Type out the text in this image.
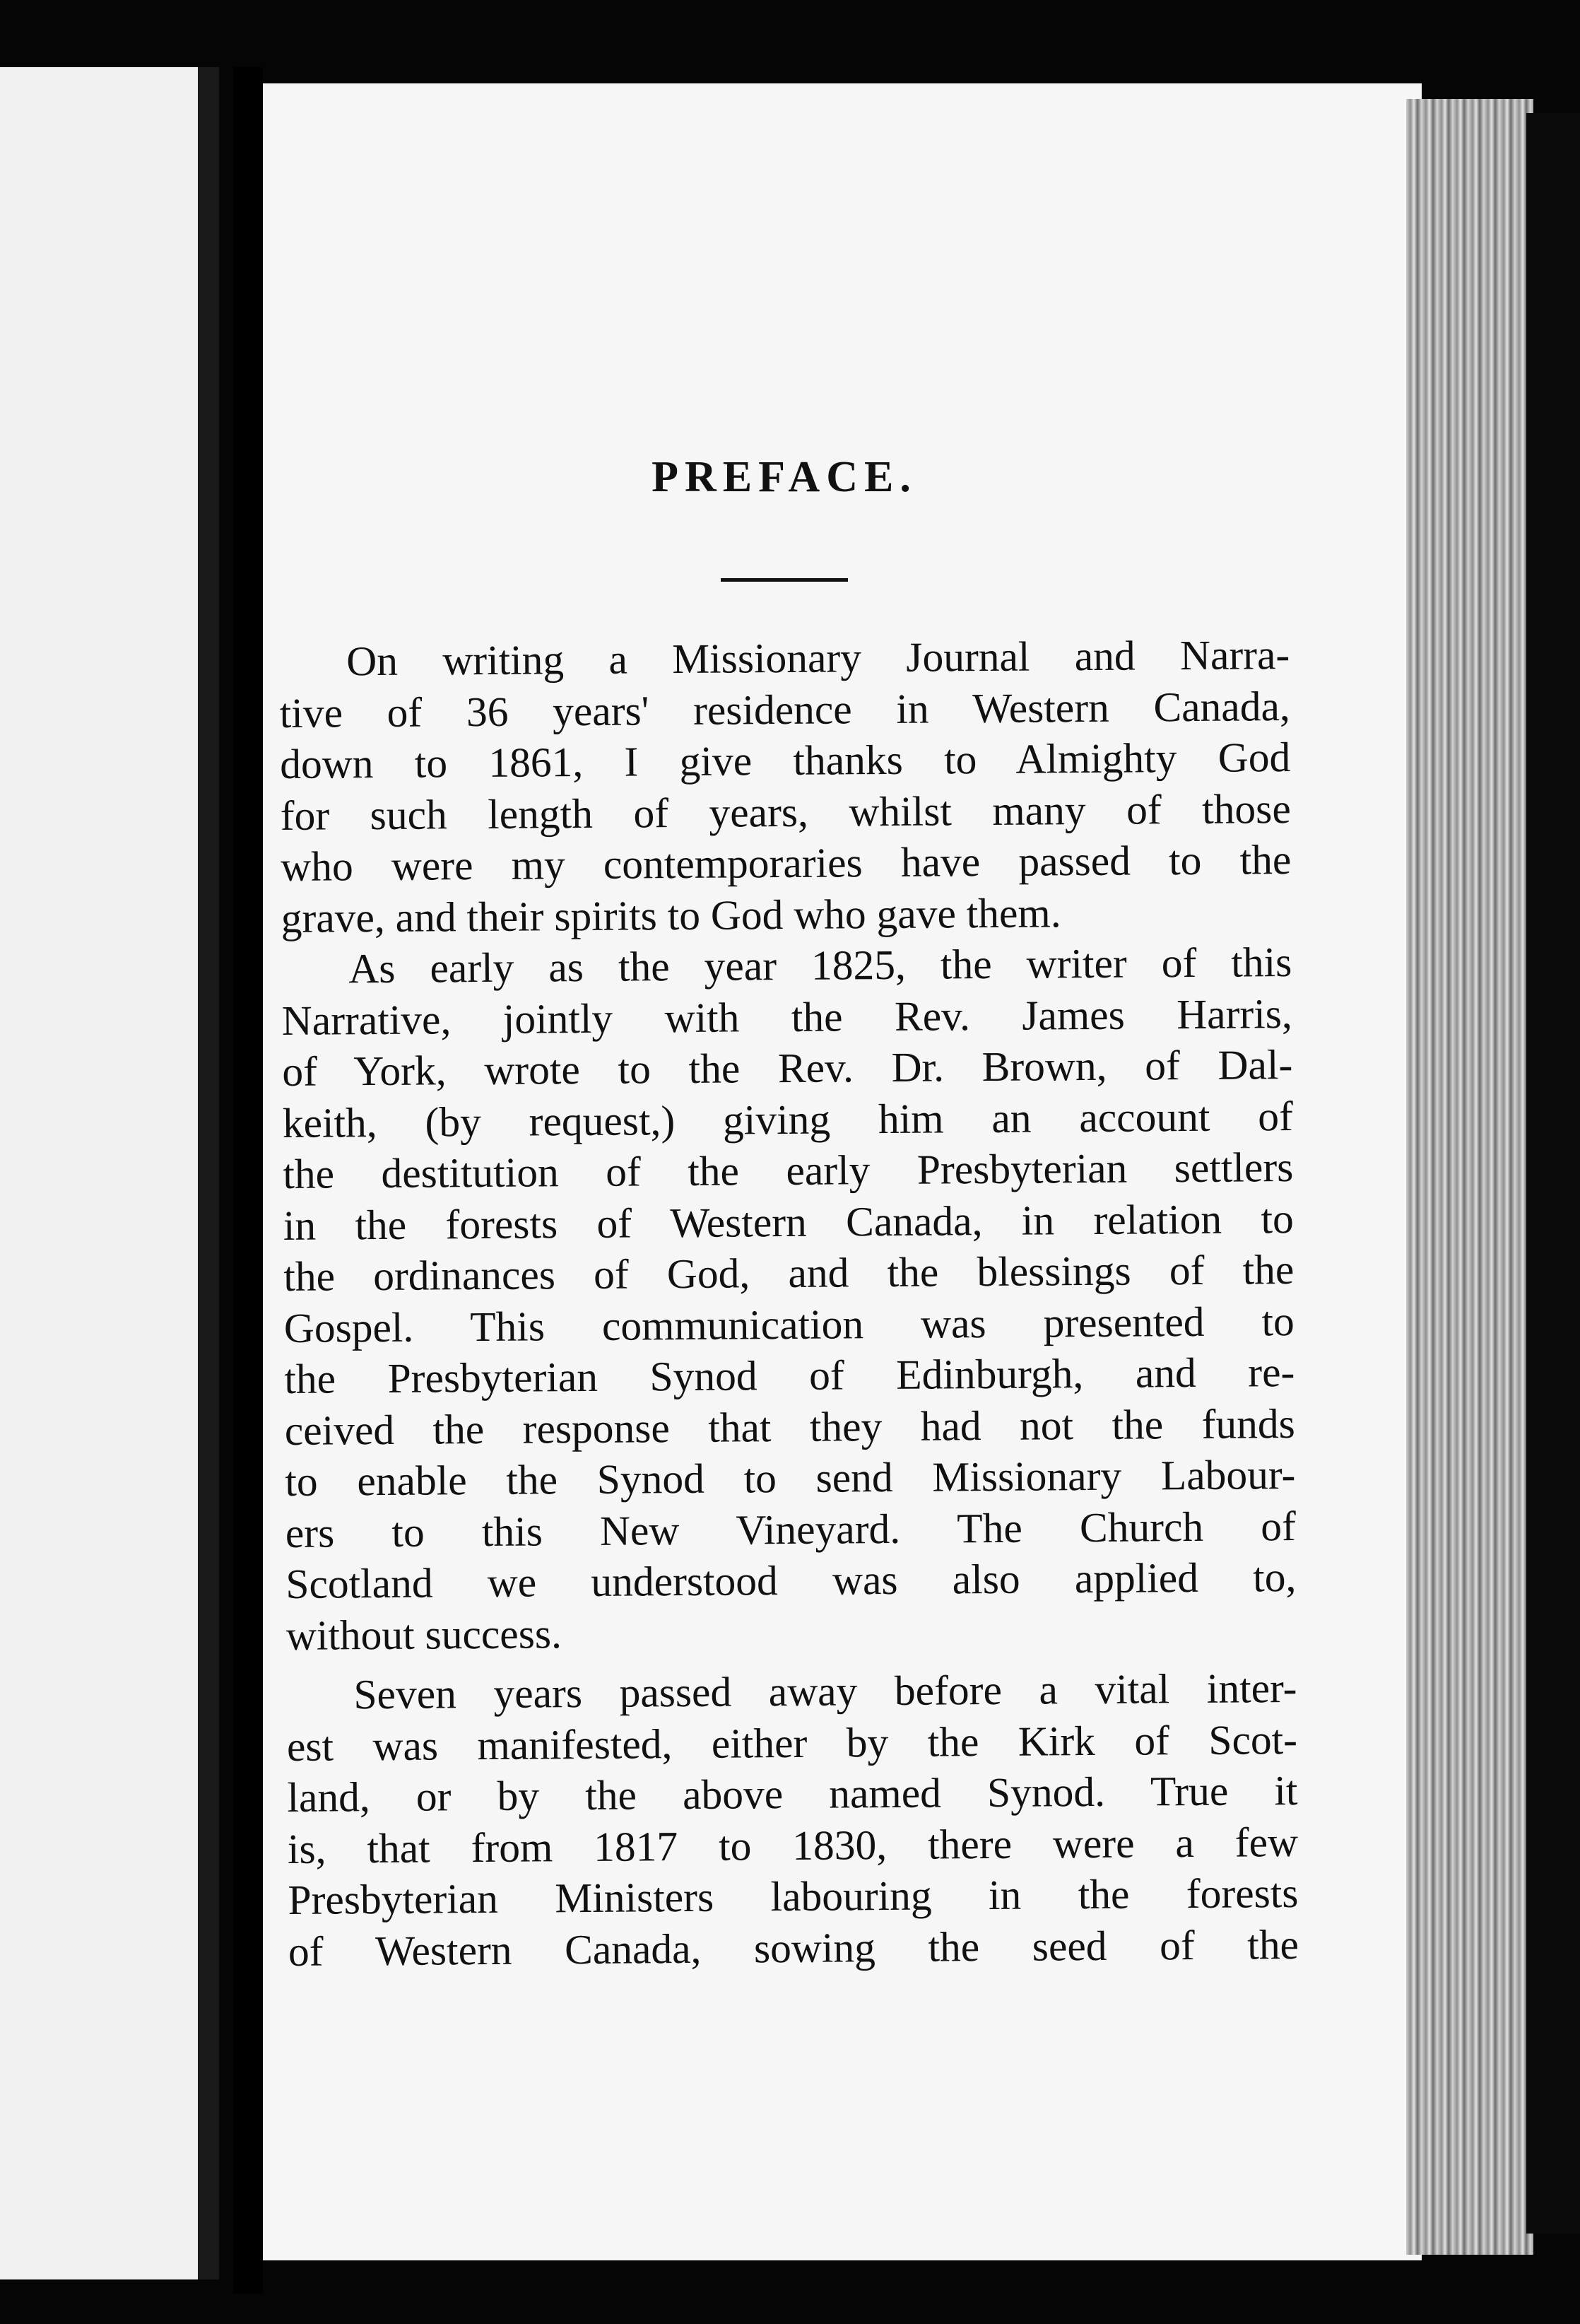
PREFACE.

On writing a Missionary Journal and Narra-
tive of 36 years' residence in Western Canada,
down to 1861, I give thanks to Almighty God
for such length of years, whilst many of those
who were my contemporaries have passed to the
grave, and their spirits to God who gave them.

As early as the year 1825, the writer of this
Narrative, jointly with the Rev. James Harris,
of York, wrote to the Rev. Dr. Brown, of Dal-
keith, (by request,) giving him an account of
the destitution of the early Presbyterian settlers
in the forests of Western Canada, in relation to
the ordinances of God, and the blessings of the
Gospel. This communication was presented to
the Presbyterian Synod of Edinburgh, and re-
ceived the response that they had not the funds
to enable the Synod to send Missionary Labour-
ers to this New Vineyard. The Church of
Scotland we understood was also applied to,
without success.

Seven years passed away before a vital inter-
est was manifested, either by the Kirk of Scot-
land, or by the above named Synod. True it
is, that from 1817 to 1830, there were a few
Presbyterian Ministers labouring in the forests
of Western Canada, sowing the seed of the
